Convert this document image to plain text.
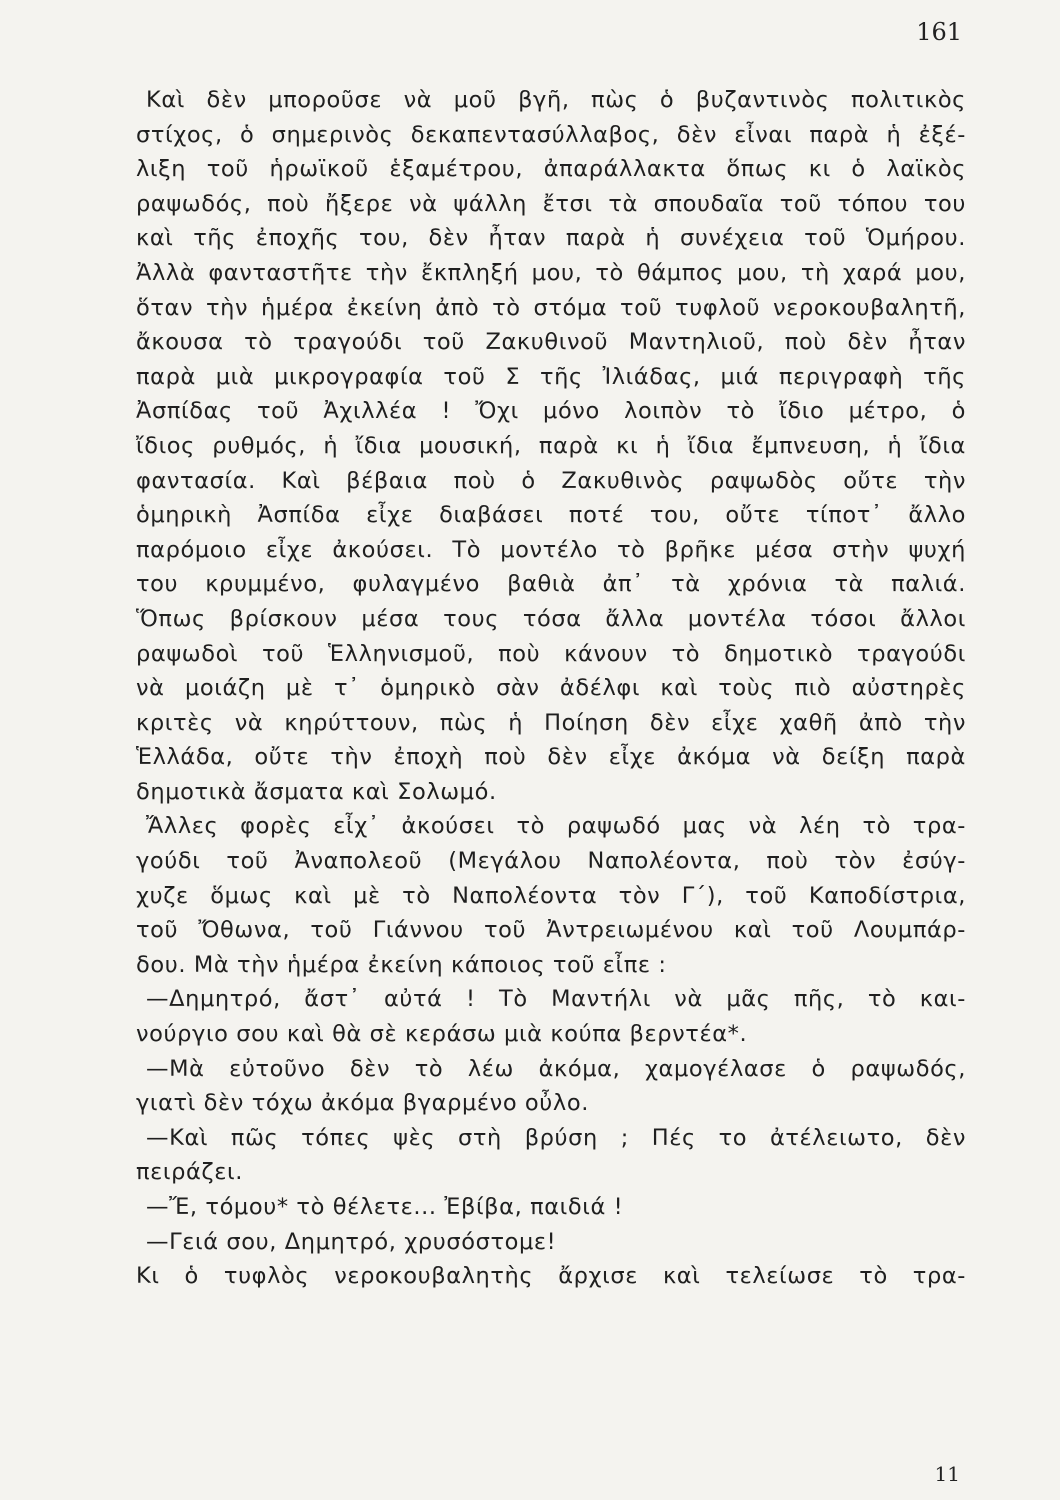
161
Καὶ δὲν μποροῦσε νὰ μοῦ βγῆ, πὼς ὁ βυζαντινὸς πολιτικὸς
στίχος, ὁ σημερινὸς δεκαπεντασύλλαβος, δὲν εἶναι παρὰ ἡ ἐξέ-
λιξη τοῦ ἡρωϊκοῦ ἑξαμέτρου, ἀπαράλλακτα ὅπως κι ὁ λαϊκὸς
ραψωδός, ποὺ ἤξερε νὰ ψάλλη ἔτσι τὰ σπουδαῖα τοῦ τόπου του
καὶ τῆς ἐποχῆς του, δὲν ἦταν παρὰ ἡ συνέχεια τοῦ Ὁμήρου.
Ἀλλὰ φανταστῆτε τὴν ἔκπληξή μου, τὸ θάμπος μου, τὴ χαρά μου,
ὅταν τὴν ἡμέρα ἐκείνη ἀπὸ τὸ στόμα τοῦ τυφλοῦ νεροκουβαλητῆ,
ἄκουσα τὸ τραγούδι τοῦ Ζακυθινοῦ Μαντηλιοῦ, ποὺ δὲν ἦταν
παρὰ μιὰ μικρογραφία τοῦ Σ τῆς Ἰλιάδας, μιά περιγραφὴ τῆς
Ἀσπίδας τοῦ Ἀχιλλέα ! Ὄχι μόνο λοιπὸν τὸ ἴδιο μέτρο, ὁ
ἴδιος ρυθμός, ἡ ἴδια μουσική, παρὰ κι ἡ ἴδια ἔμπνευση, ἡ ἴδια
φαντασία. Καὶ βέβαια ποὺ ὁ Ζακυθινὸς ραψωδὸς οὔτε τὴν
ὁμηρικὴ Ἀσπίδα εἶχε διαβάσει ποτέ του, οὔτε τίποτ᾿ ἄλλο
παρόμοιο εἶχε ἀκούσει. Τὸ μοντέλο τὸ βρῆκε μέσα στὴν ψυχή
του κρυμμένο, φυλαγμένο βαθιὰ ἀπ᾿ τὰ χρόνια τὰ παλιά.
Ὅπως βρίσκουν μέσα τους τόσα ἄλλα μοντέλα τόσοι ἄλλοι
ραψωδοὶ τοῦ Ἑλληνισμοῦ, ποὺ κάνουν τὸ δημοτικὸ τραγούδι
νὰ μοιάζη μὲ τ᾿ ὁμηρικὸ σὰν ἀδέλφι καὶ τοὺς πιὸ αὐστηρὲς
κριτὲς νὰ κηρύττουν, πὼς ἡ Ποίηση δὲν εἶχε χαθῆ ἀπὸ τὴν
Ἑλλάδα, οὔτε τὴν ἐποχὴ ποὺ δὲν εἶχε ἀκόμα νὰ δείξη παρὰ
δημοτικὰ ἄσματα καὶ Σολωμό.
Ἄλλες φορὲς εἶχ᾿ ἀκούσει τὸ ραψωδό μας νὰ λέη τὸ τρα-
γούδι τοῦ Ἀναπολεοῦ (Μεγάλου Ναπολέοντα, ποὺ τὸν ἐσύγ-
χυζε ὅμως καὶ μὲ τὸ Ναπολέοντα τὸν Γ΄), τοῦ Καποδίστρια,
τοῦ Ὄθωνα, τοῦ Γιάννου τοῦ Ἀντρειωμένου καὶ τοῦ Λουμπάρ-
δου. Μὰ τὴν ἡμέρα ἐκείνη κάποιος τοῦ εἶπε :
—Δημητρό, ἄστ᾿ αὐτά ! Τὸ Μαντήλι νὰ μᾶς πῆς, τὸ και-
νούργιο σου καὶ θὰ σὲ κεράσω μιὰ κούπα βερντέα*.
—Μὰ εὐτοῦνο δὲν τὸ λέω ἀκόμα, χαμογέλασε ὁ ραψωδός,
γιατὶ δὲν τόχω ἀκόμα βγαρμένο οὖλο.
—Καὶ πῶς τόπες ψὲς στὴ βρύση ; Πές το ἀτέλειωτο, δὲν
πειράζει.
—Ἔ, τόμου* τὸ θέλετε... Ἐβίβα, παιδιά !
—Γειά σου, Δημητρό, χρυσόστομε!
Κι ὁ τυφλὸς νεροκουβαλητὴς ἄρχισε καὶ τελείωσε τὸ τρα-
11
